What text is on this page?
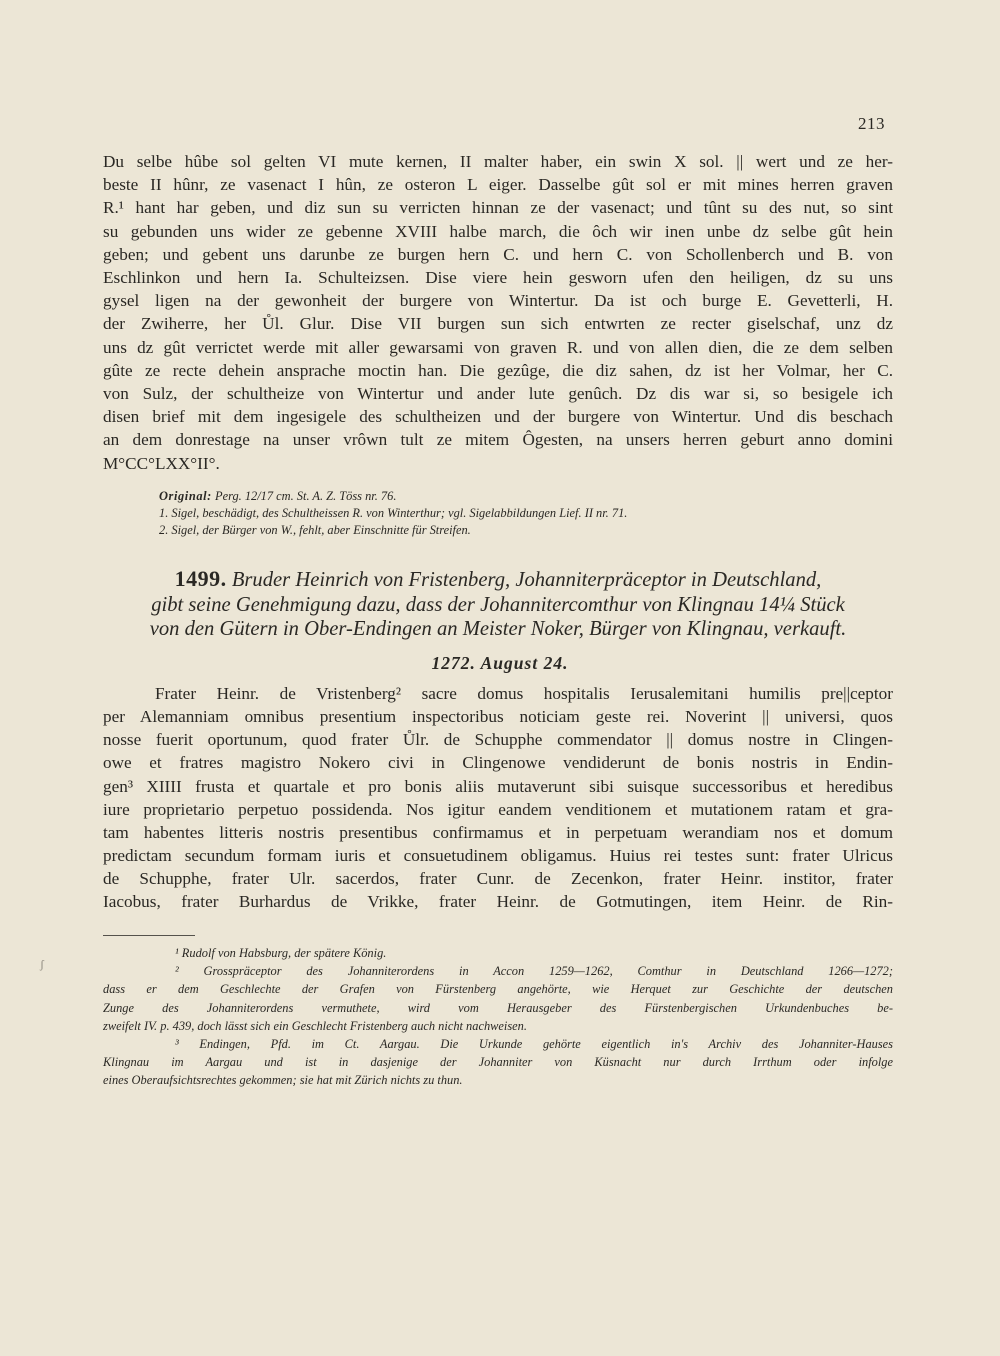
213
Du selbe hûbe sol gelten VI mute kernen, II malter haber, ein swin X sol. || wert und ze her-
beste II hûnr, ze vasenact I hûn, ze osteron L eiger. Dasselbe gût sol er mit mines herren graven
R.¹ hant har geben, und diz sun su verricten hinnan ze der vasenact; und tûnt su des nut, so sint
su gebunden uns wider ze gebenne XVIII halbe march, die ôch wir inen unbe dz selbe gût hein
geben; und gebent uns darunbe ze burgen hern C. und hern C. von Schollenberch und B. von
Eschlinkon und hern Ia. Schulteizsen. Dise viere hein gesworn ufen den heiligen, dz su uns
gysel ligen na der gewonheit der burgere von Wintertur. Da ist och burge E. Gevetterli, H.
der Zwiherre, her Ůl. Glur. Dise VII burgen sun sich entwrten ze recter giselschaf, unz dz
uns dz gût verrictet werde mit aller gewarsami von graven R. und von allen dien, die ze dem selben
gûte ze recte dehein ansprache moctin han. Die gezûge, die diz sahen, dz ist her Volmar, her C.
von Sulz, der schultheize von Wintertur und ander lute genûch. Dz dis war si, so besigele ich
disen brief mit dem ingesigele des schultheizen und der burgere von Wintertur. Und dis beschach
an dem donrestage na unser vrôwn tult ze mitem Ôgesten, na unsers herren geburt anno domini
M°CC°LXX°II°.
Original: Perg. 12/17 cm. St. A. Z. Töss nr. 76.
1. Sigel, beschädigt, des Schultheissen R. von Winterthur; vgl. Sigelabbildungen Lief. II nr. 71.
2. Sigel, der Bürger von W., fehlt, aber Einschnitte für Streifen.
1499. Bruder Heinrich von Fristenberg, Johanniterpräceptor in Deutschland,
gibt seine Genehmigung dazu, dass der Johannitercomthur von Klingnau 14¼ Stück
von den Gütern in Ober-Endingen an Meister Noker, Bürger von Klingnau, verkauft.
1272. August 24.
Frater Heinr. de Vristenberg² sacre domus hospitalis Ierusalemitani humilis pre||ceptor
per Alemanniam omnibus presentium inspectoribus noticiam geste rei. Noverint || universi, quos
nosse fuerit oportunum, quod frater Ůlr. de Schupphe commendator || domus nostre in Clingen-
owe et fratres magistro Nokero civi in Clingenowe vendiderunt de bonis nostris in Endin-
gen³ XIIII frusta et quartale et pro bonis aliis mutaverunt sibi suisque successoribus et heredibus
iure proprietario perpetuo possidenda. Nos igitur eandem venditionem et mutationem ratam et gra-
tam habentes litteris nostris presentibus confirmamus et in perpetuam werandiam nos et domum
predictam secundum formam iuris et consuetudinem obligamus. Huius rei testes sunt: frater Ulricus
de Schupphe, frater Ulr. sacerdos, frater Cunr. de Zecenkon, frater Heinr. institor, frater
Iacobus, frater Burhardus de Vrikke, frater Heinr. de Gotmutingen, item Heinr. de Rin-
ʃ
¹ Rudolf von Habsburg, der spätere König.
² Grosspräceptor des Johanniterordens in Accon 1259—1262, Comthur in Deutschland 1266—1272;
dass er dem Geschlechte der Grafen von Fürstenberg angehörte, wie Herquet zur Geschichte der deutschen
Zunge des Johanniterordens vermuthete, wird vom Herausgeber des Fürstenbergischen Urkundenbuches be-
zweifelt IV. p. 439, doch lässt sich ein Geschlecht Fristenberg auch nicht nachweisen.
³ Endingen, Pfd. im Ct. Aargau. Die Urkunde gehörte eigentlich in's Archiv des Johanniter-Hauses
Klingnau im Aargau und ist in dasjenige der Johanniter von Küsnacht nur durch Irrthum oder infolge
eines Oberaufsichtsrechtes gekommen; sie hat mit Zürich nichts zu thun.
